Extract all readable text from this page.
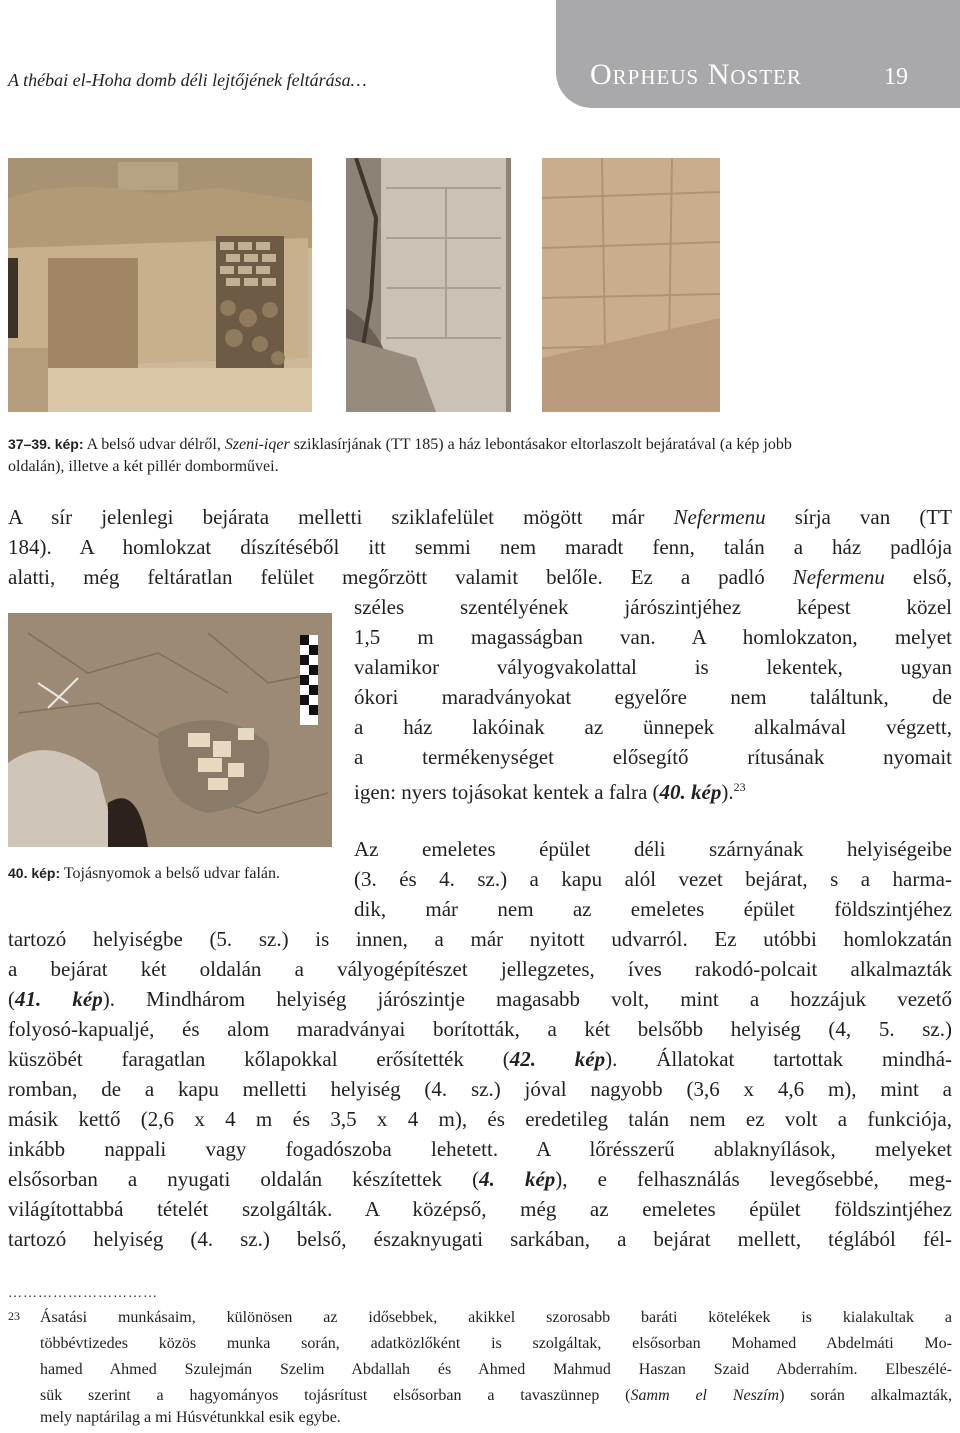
A thébai el-Hoha domb déli lejtőjének feltárása…	Orpheus Noster	19
37–39. kép: A belső udvar délről, Szeni-iqer sziklasírjának (TT 185) a ház lebontásakor eltorlaszolt bejáratával (a kép jobb
oldalán), illetve a két pillér domborművei.
A sír jelenlegi bejárata melletti sziklafelület mögött már Nefermenu sírja van (TT
184). A homlokzat díszítéséből itt semmi nem maradt fenn, talán a ház padlója
alatti, még feltáratlan felület megőrzött valamit belőle. Ez a padló Nefermenu első,
széles szentélyének járószintjéhez képest közel
1,5 m magasságban van. A homlokzaton, melyet
valamikor vályogvakolattal is lekentek, ugyan
ókori maradványokat egyelőre nem találtunk, de
a ház lakóinak az ünnepek alkalmával végzett,
a termékenységet elősegítő rítusának nyomait
igen: nyers tojásokat kentek a falra (40. kép).$^{23}$
40. kép: Tojásnyomok a belső udvar falán.
Az emeletes épület déli szárnyának helyiségeibe
(3. és 4. sz.) a kapu alól vezet bejárat, s a harma-
dik, már nem az emeletes épület földszintjéhez
tartozó helyiségbe (5. sz.) is innen, a már nyitott udvarról. Ez utóbbi homlokzatán
a bejárat két oldalán a vályogépítészet jellegzetes, íves rakodó-polcait alkalmazták
(41. kép). Mindhárom helyiség járószintje magasabb volt, mint a hozzájuk vezető
folyosó-kapualjé, és alom maradványai borították, a két belsőbb helyiség (4, 5. sz.)
küszöbét faragatlan kőlapokkal erősítették (42. kép). Állatokat tartottak mindhá-
romban, de a kapu melletti helyiség (4. sz.) jóval nagyobb (3,6 x 4,6 m), mint a
másik kettő (2,6 x 4 m és 3,5 x 4 m), és eredetileg talán nem ez volt a funkciója,
inkább nappali vagy fogadószoba lehetett. A lőrésszerű ablaknyílások, melyeket
elsősorban a nyugati oldalán készítettek (4. kép), e felhasználás levegősebbé, meg-
világítottabbá tételét szolgálták. A középső, még az emeletes épület földszintjéhez
tartozó helyiség (4. sz.) belső, északnyugati sarkában, a bejárat mellett, téglából fél-
…………………………
23 Ásatási munkásaim, különösen az idősebbek, akikkel szorosabb baráti kötelékek is kialakultak a
többévtizedes közös munka során, adatközlőként is szolgáltak, elsősorban Mohamed Abdelmáti Mo-
hamed Ahmed Szulejmán Szelim Abdallah és Ahmed Mahmud Haszan Szaid Abderrahím. Elbeszélé-
sük szerint a hagyományos tojásrítust elsősorban a tavaszünnep (Samm el Neszím) során alkalmazták,
mely naptárilag a mi Húsvétunkkal esik egybe.
